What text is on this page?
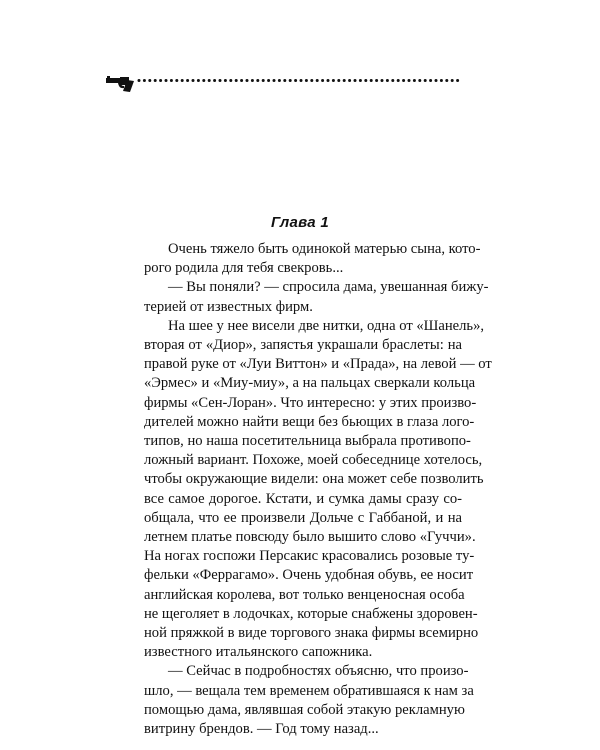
Глава 1
Очень тяжело быть одинокой матерью сына, кото-
рого родила для тебя свекровь...
— Вы поняли? — спросила дама, увешанная бижу-
терией от известных фирм.
На шее у нее висели две нитки, одна от «Шанель»,
вторая от «Диор», запястья украшали браслеты: на
правой руке от «Луи Виттон» и «Прада», на левой — от
«Эрмес» и «Миу-миу», а на пальцах сверкали кольца
фирмы «Сен-Лоран». Что интересно: у этих произво-
дителей можно найти вещи без бьющих в глаза лого-
типов, но наша посетительница выбрала противопо-
ложный вариант. Похоже, моей собеседнице хотелось,
чтобы окружающие видели: она может себе позволить
все самое дорогое. Кстати, и сумка дамы сразу со-
общала, что ее произвели Дольче с Габбаной, и на
летнем платье повсюду было вышито слово «Гуччи».
На ногах госпожи Персакис красовались розовые ту-
фельки «Феррагамо». Очень удобная обувь, ее носит
английская королева, вот только венценосная особа
не щеголяет в лодочках, которые снабжены здоровен-
ной пряжкой в виде торгового знака фирмы всемирно
известного итальянского сапожника.
— Сейчас в подробностях объясню, что произо-
шло, — вещала тем временем обратившаяся к нам за
помощью дама, являвшая собой этакую рекламную
витрину брендов. — Год тому назад...
